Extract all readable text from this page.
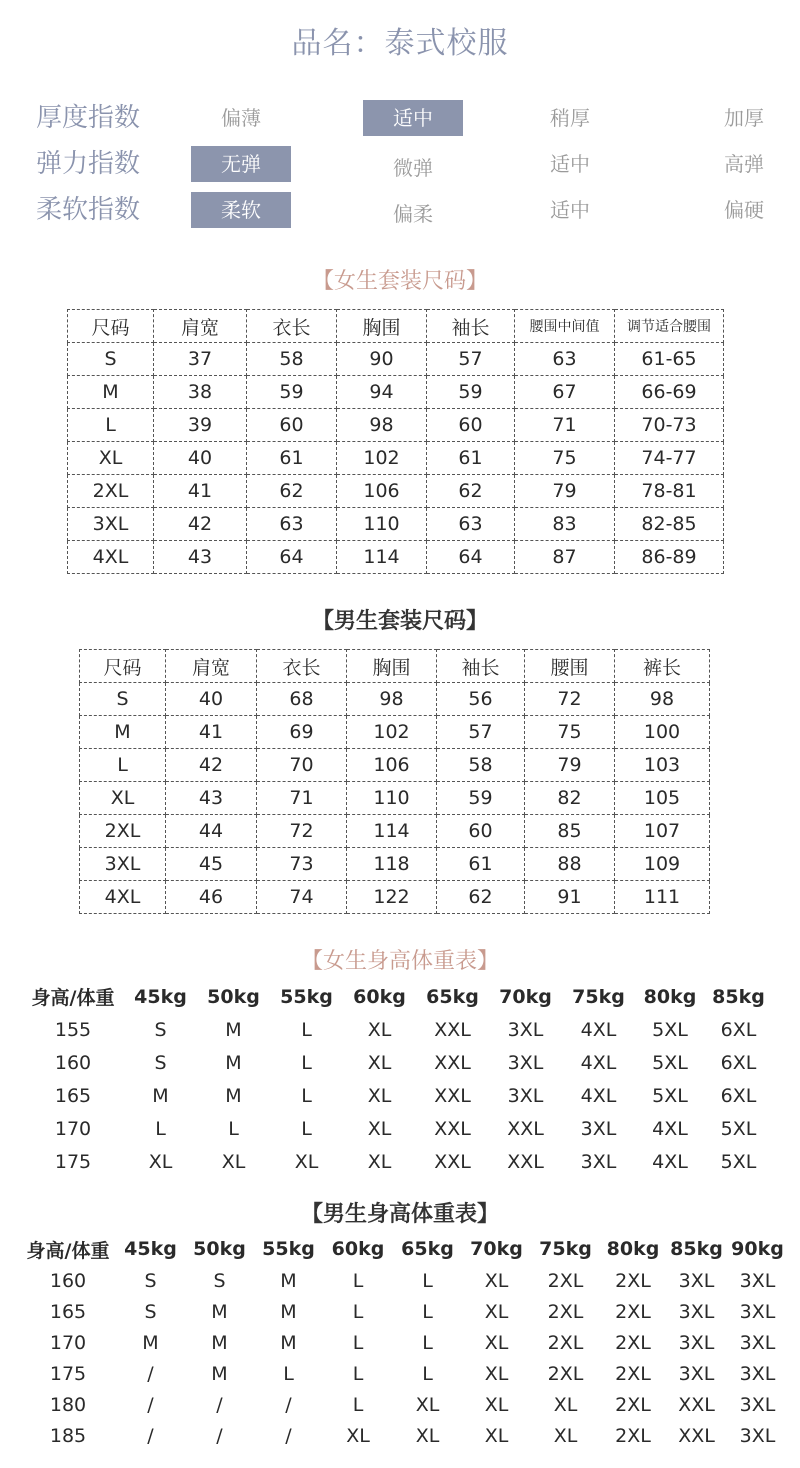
品名：泰式校服
厚度指数	偏薄	适中	稍厚	加厚
弹力指数	无弹	微弹	适中	高弹
柔软指数	柔软	偏柔	适中	偏硬
【女生套装尺码】
尺码	肩宽	衣长	胸围	袖长	腰围中间值	调节适合腰围
S	37	58	90	57	63	61-65
M	38	59	94	59	67	66-69
L	39	60	98	60	71	70-73
XL	40	61	102	61	75	74-77
2XL	41	62	106	62	79	78-81
3XL	42	63	110	63	83	82-85
4XL	43	64	114	64	87	86-89
【男生套装尺码】
尺码	肩宽	衣长	胸围	袖长	腰围	裤长
S	40	68	98	56	72	98
M	41	69	102	57	75	100
L	42	70	106	58	79	103
XL	43	71	110	59	82	105
2XL	44	72	114	60	85	107
3XL	45	73	118	61	88	109
4XL	46	74	122	62	91	111
【女生身高体重表】
身高/体重	45kg	50kg	55kg	60kg	65kg	70kg	75kg	80kg	85kg
155	S	M	L	XL	XXL	3XL	4XL	5XL	6XL
160	S	M	L	XL	XXL	3XL	4XL	5XL	6XL
165	M	M	L	XL	XXL	3XL	4XL	5XL	6XL
170	L	L	L	XL	XXL	XXL	3XL	4XL	5XL
175	XL	XL	XL	XL	XXL	XXL	3XL	4XL	5XL
【男生身高体重表】
身高/体重	45kg	50kg	55kg	60kg	65kg	70kg	75kg	80kg	85kg	90kg
160	S	S	M	L	L	XL	2XL	2XL	3XL	3XL
165	S	M	M	L	L	XL	2XL	2XL	3XL	3XL
170	M	M	M	L	L	XL	2XL	2XL	3XL	3XL
175	/	M	L	L	L	XL	2XL	2XL	3XL	3XL
180	/	/	/	L	XL	XL	XL	2XL	XXL	3XL
185	/	/	/	XL	XL	XL	XL	2XL	XXL	3XL
